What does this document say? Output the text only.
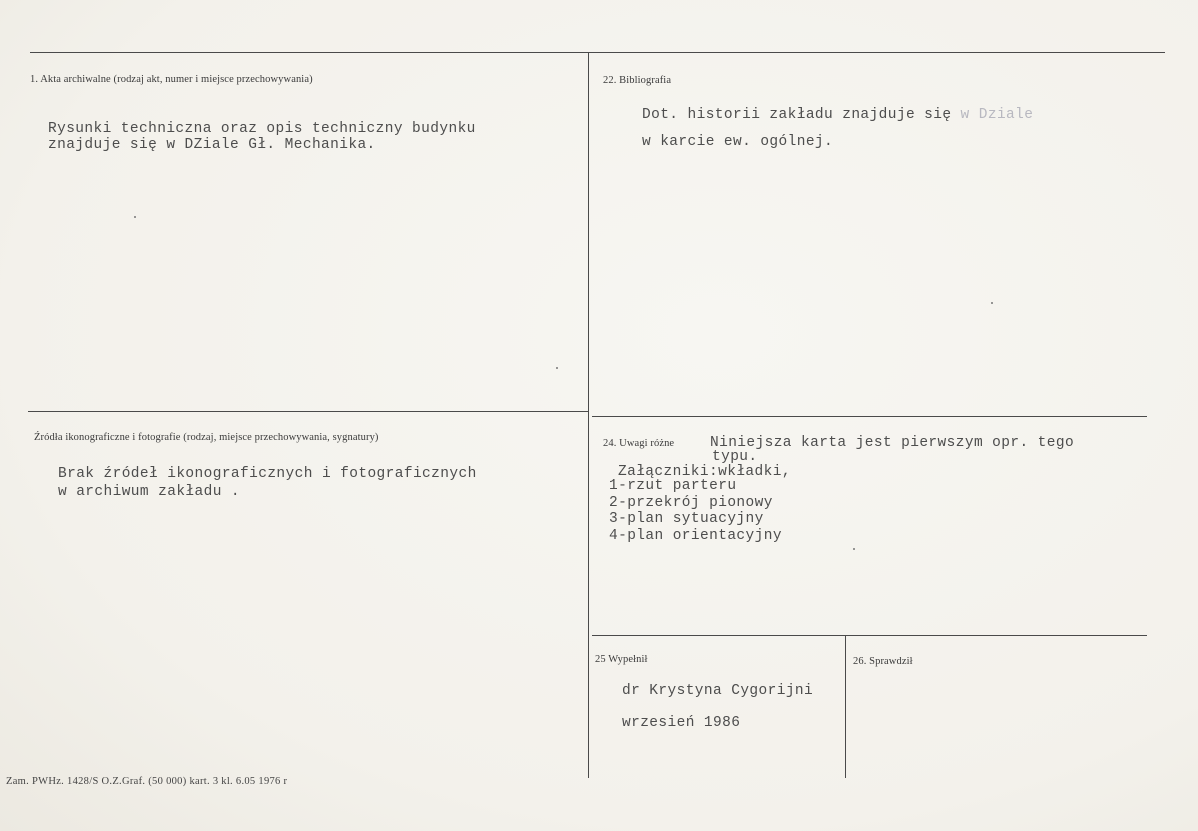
1. Akta archiwalne (rodzaj akt, numer i miejsce przechowywania)
Rysunki techniczna oraz opis techniczny budynku
znajduje się w DZiale Gł. Mechanika.
22. Bibliografia
Dot. historii zakładu znajduje się w Dziale
w karcie ew. ogólnej.
Źródła ikonograficzne i fotografie (rodzaj, miejsce przechowywania, sygnatury)
Brak źródeł ikonograficznych i fotograficznych
w archiwum zakładu .
24. Uwagi różne Niniejsza karta jest pierwszym opr. tego
typu.
Załączniki:wkładki,
1-rzut parteru
2-przekrój pionowy
3-plan sytuacyjny
4-plan orientacyjny
25 Wypełnił
dr Krystyna Cygorijni
wrzesień 1986
26. Sprawdził
Zam. PWHz. 1428/S O.Z.Graf. (50 000) kart. 3 kl. 6.05 1976 r
